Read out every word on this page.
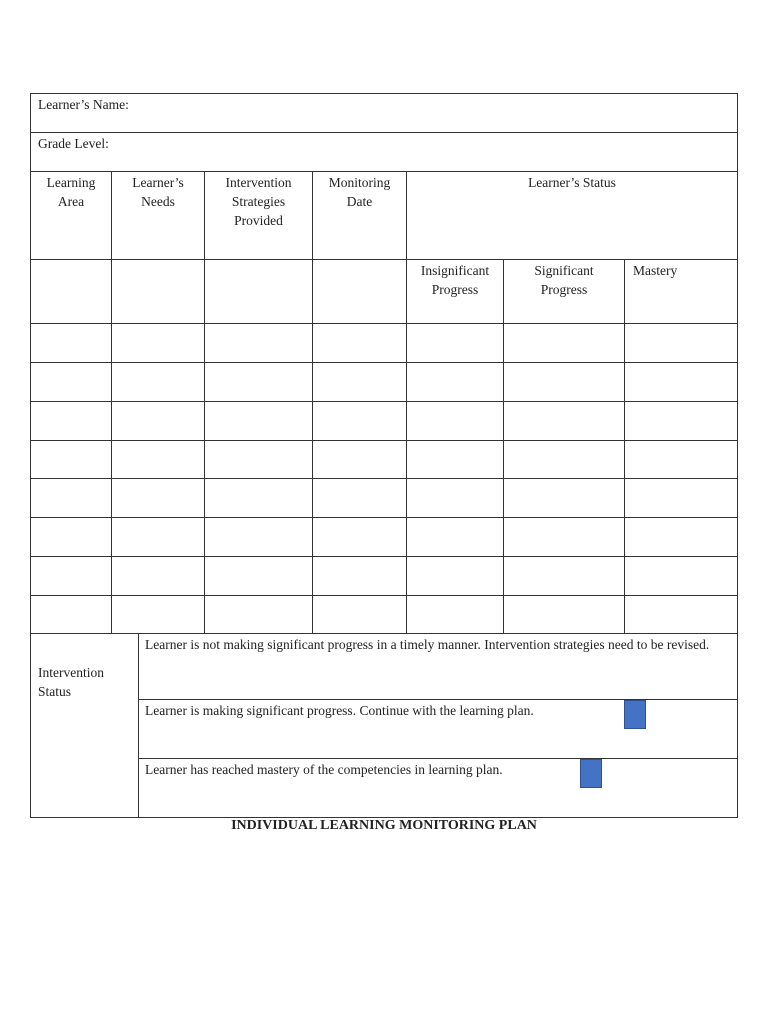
Learner’s Name:
Grade Level:
Learning Area
Learner’s Needs
Intervention Strategies Provided
Monitoring Date
Learner’s Status
Insignificant Progress
Significant Progress
Mastery
Intervention Status
Learner is not making significant progress in a timely manner. Intervention strategies need to be revised.
Learner is making significant progress. Continue with the learning plan.
Learner has reached mastery of the competencies in learning plan.
INDIVIDUAL LEARNING MONITORING PLAN
